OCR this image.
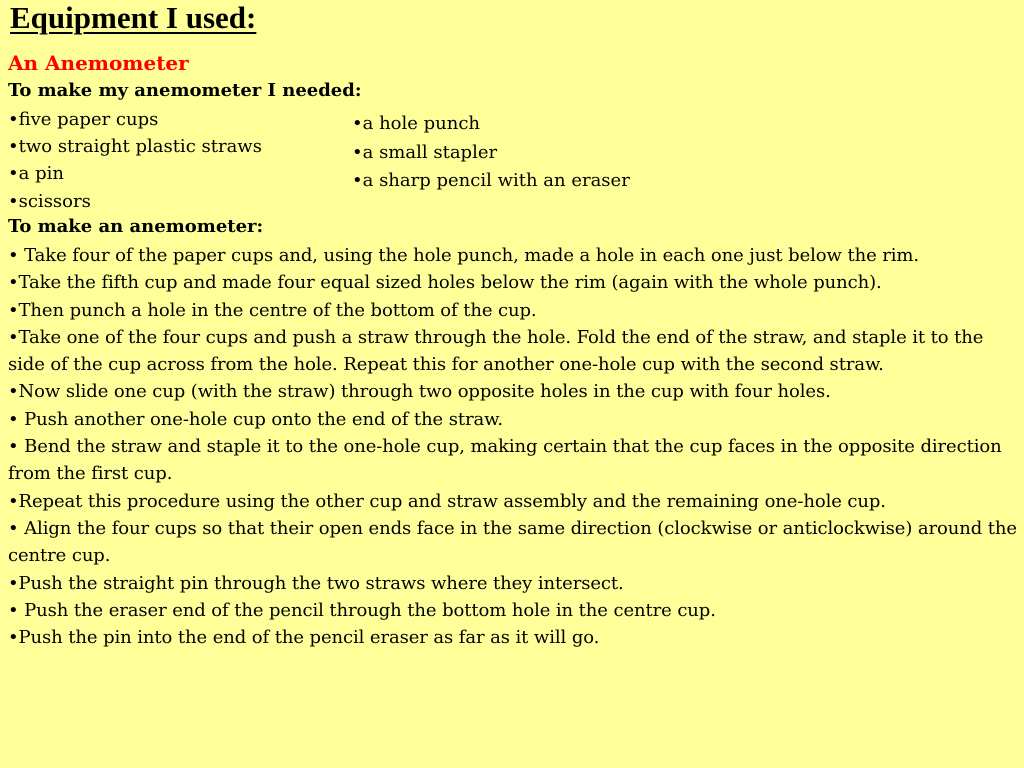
Equipment I used:
An Anemometer
To make my anemometer I needed:
•five paper cups
•two straight plastic straws
•a pin
•scissors
•a hole punch
•a small stapler
•a sharp pencil with an eraser
To make an anemometer:
• Take four of the paper cups and, using the hole punch, made a hole in each one just below the rim.
•Take the fifth cup and made four equal sized holes below the rim (again with the whole punch).
•Then punch a hole in the centre of the bottom of the cup.
•Take one of the four cups and push a straw through the hole. Fold the end of the straw, and staple it to the side of the cup across from the hole. Repeat this for another one-hole cup with the second straw.
•Now slide one cup (with the straw) through two opposite holes in the cup with four holes.
• Push another one-hole cup onto the end of the straw.
• Bend the straw and staple it to the one-hole cup, making certain that the cup faces in the opposite direction from the first cup.
•Repeat this procedure using the other cup and straw assembly and the remaining one-hole cup.
• Align the four cups so that their open ends face in the same direction (clockwise or anticlockwise) around the centre cup.
•Push the straight pin through the two straws where they intersect.
• Push the eraser end of the pencil through the bottom hole in the centre cup.
•Push the pin into the end of the pencil eraser as far as it will go.
